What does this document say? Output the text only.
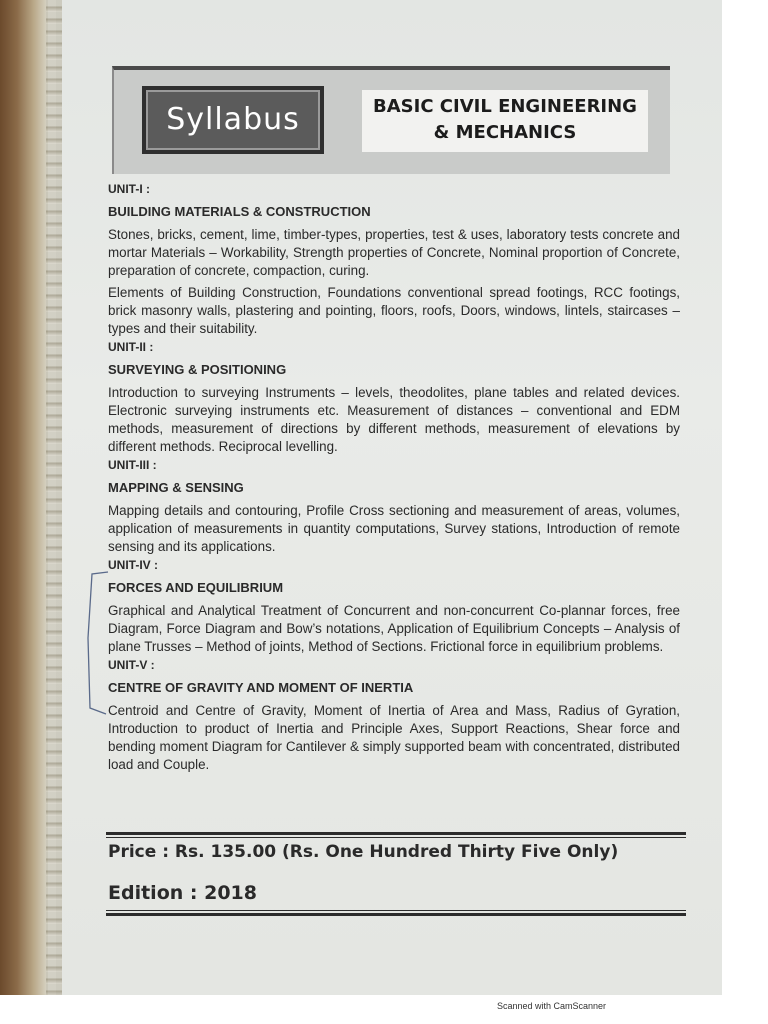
Syllabus	BASIC CIVIL ENGINEERING
& MECHANICS
UNIT-I :
BUILDING MATERIALS & CONSTRUCTION

Stones, bricks, cement, lime, timber-types, properties, test & uses, laboratory tests concrete and mortar Materials – Workability, Strength properties of Concrete, Nominal proportion of Concrete, preparation of concrete, compaction, curing.

Elements of Building Construction, Foundations conventional spread footings, RCC footings, brick masonry walls, plastering and pointing, floors, roofs, Doors, windows, lintels, staircases – types and their suitability.

UNIT-II :
SURVEYING & POSITIONING

Introduction to surveying Instruments – levels, theodolites, plane tables and related devices. Electronic surveying instruments etc. Measurement of distances – conventional and EDM methods, measurement of directions by different methods, measurement of elevations by different methods. Reciprocal levelling.

UNIT-III :
MAPPING & SENSING

Mapping details and contouring, Profile Cross sectioning and measurement of areas, volumes, application of measurements in quantity computations, Survey stations, Introduction of remote sensing and its applications.

UNIT-IV :
FORCES AND EQUILIBRIUM

Graphical and Analytical Treatment of Concurrent and non-concurrent Co-plannar forces, free Diagram, Force Diagram and Bow’s notations, Application of Equilibrium Concepts – Analysis of plane Trusses – Method of joints, Method of Sections. Frictional force in equilibrium problems.

UNIT-V :
CENTRE OF GRAVITY AND MOMENT OF INERTIA

Centroid and Centre of Gravity, Moment of Inertia of Area and Mass, Radius of Gyration, Introduction to product of Inertia and Principle Axes, Support Reactions, Shear force and bending moment Diagram for Cantilever & simply supported beam with concentrated, distributed load and Couple.

Price : Rs. 135.00 (Rs. One Hundred Thirty Five Only)
Edition : 2018
Scanned with CamScanner
